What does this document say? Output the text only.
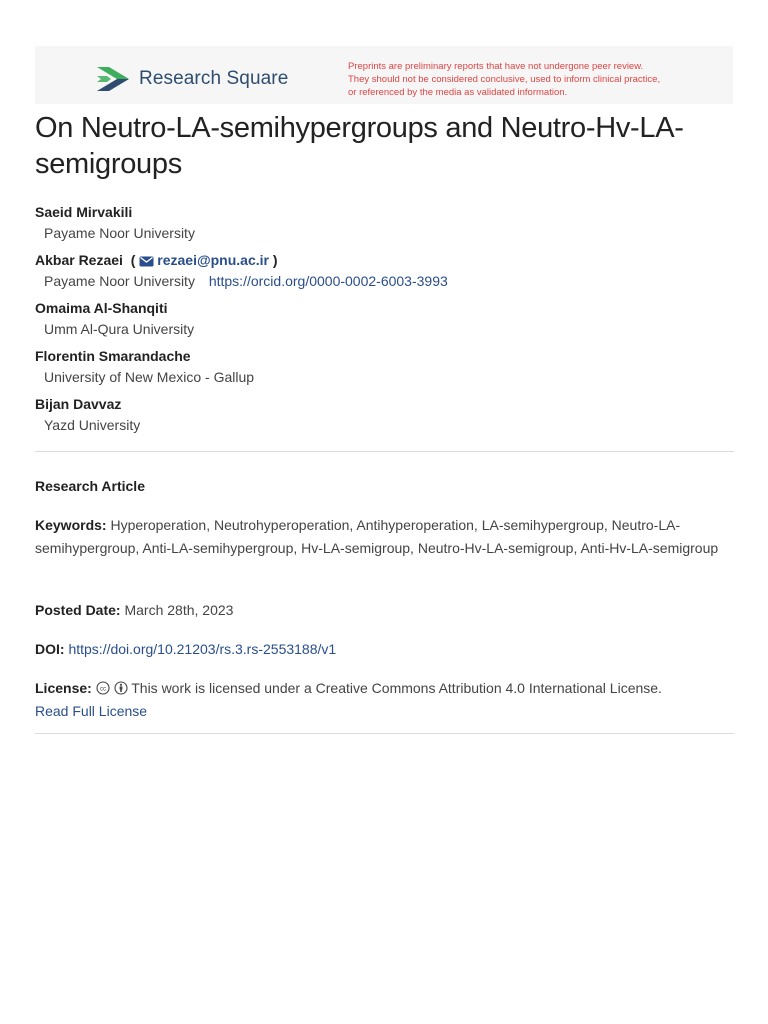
Research Square
Preprints are preliminary reports that have not undergone peer review.
They should not be considered conclusive, used to inform clinical practice,
or referenced by the media as validated information.
On Neutro-LA-semihypergroups and Neutro-Hv-LA-semigroups
Saeid Mirvakili
Payame Noor University
Akbar Rezaei ( rezaei@pnu.ac.ir )
Payame Noor University https://orcid.org/0000-0002-6003-3993
Omaima Al-Shanqiti
Umm Al-Qura University
Florentin Smarandache
University of New Mexico - Gallup
Bijan Davvaz
Yazd University
Research Article
Keywords: Hyperoperation, Neutrohyperoperation, Antihyperoperation, LA-semihypergroup, Neutro-LA-semihypergroup, Anti-LA-semihypergroup, Hv-LA-semigroup, Neutro-Hv-LA-semigroup, Anti-Hv-LA-semigroup
Posted Date: March 28th, 2023
DOI: https://doi.org/10.21203/rs.3.rs-2553188/v1
License: cc This work is licensed under a Creative Commons Attribution 4.0 International License.
Read Full License
